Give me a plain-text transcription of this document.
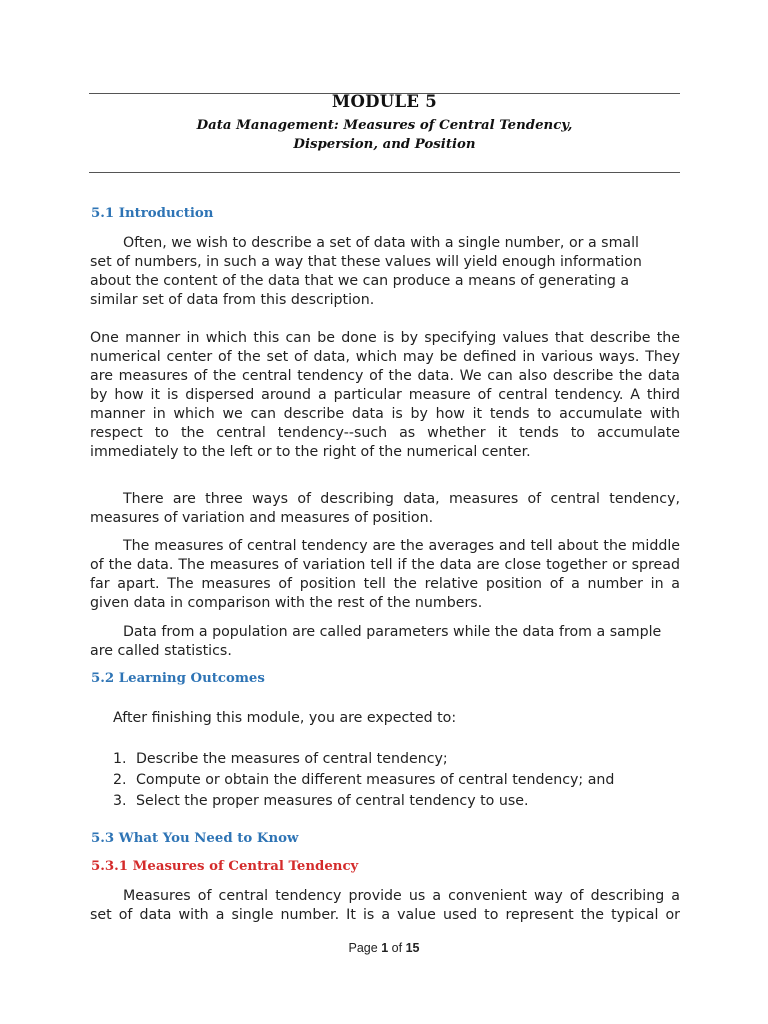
MODULE 5
Data Management: Measures of Central Tendency,
Dispersion, and Position
5.1 Introduction
Often, we wish to describe a set of data with a single number, or a small
set of numbers, in such a way that these values will yield enough information
about the content of the data that we can produce a means of generating a
similar set of data from this description.
One manner in which this can be done is by specifying values that describe the
numerical center of the set of data, which may be defined in various ways. They
are measures of the central tendency of the data. We can also describe the data
by how it is dispersed around a particular measure of central tendency. A third
manner in which we can describe data is by how it tends to accumulate with
respect to the central tendency--such as whether it tends to accumulate
immediately to the left or to the right of the numerical center.
There are three ways of describing data, measures of central tendency,
measures of variation and measures of position.
The measures of central tendency are the averages and tell about the middle
of the data. The measures of variation tell if the data are close together or spread
far apart. The measures of position tell the relative position of a number in a
given data in comparison with the rest of the numbers.
Data from a population are called parameters while the data from a sample
are called statistics.
5.2 Learning Outcomes
After finishing this module, you are expected to:
1. Describe the measures of central tendency;
2. Compute or obtain the different measures of central tendency; and
3. Select the proper measures of central tendency to use.
5.3 What You Need to Know
5.3.1 Measures of Central Tendency
Measures of central tendency provide us a convenient way of describing a
set of data with a single number. It is a value used to represent the typical or
Page 1 of 15
